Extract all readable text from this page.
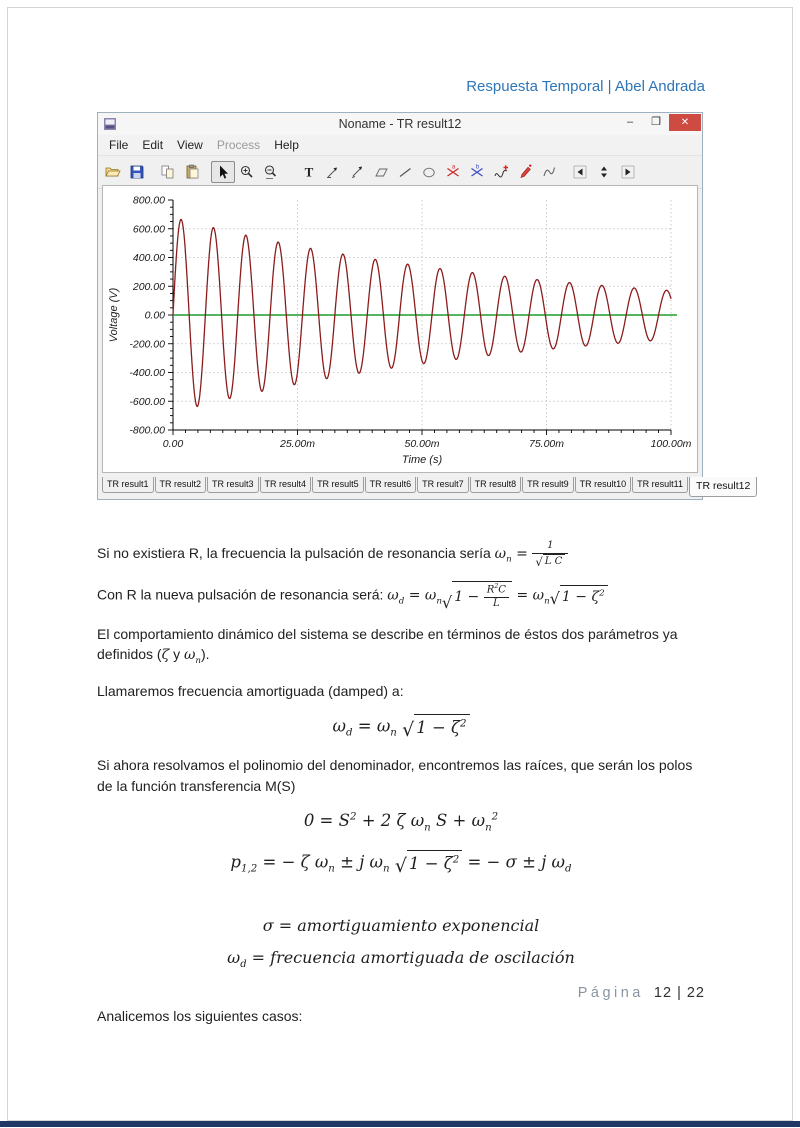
Respuesta Temporal | Abel Andrada
Noname - TR result12	–	❐	✕
File	Edit	View	Process	Help
T	a	b
800.00
600.00
400.00
200.00
0.00
-200.00
-400.00
-600.00
-800.00
0.00	25.00m	50.00m	75.00m	100.00m
Voltage (V)
Time (s)
TR result1	TR result2	TR result3	TR result4	TR result5	TR result6	TR result7	TR result8	TR result9	TR result10	TR result11	TR result12
Si no existiera R, la frecuencia la pulsación de resonancia sería $\omega_n = \frac{1}{\text{√ L C}}$
Con R la nueva pulsación de resonancia será: $\omega_d = \omega_n$ √ $1 - \frac{R^2C}{L} = \omega_n$ √ $1 - \zeta^2$
El comportamiento dinámico del sistema se describe en términos de éstos dos parámetros ya definidos (ζ y $\omega_n$).
Llamaremos frecuencia amortiguada (damped) a:
$\omega_d = \omega_n$ √ $1 - \zeta^2$
Si ahora resolvamos el polinomio del denominador, encontremos las raíces, que serán los polos de la función transferencia M(S)
$0 = S^2 + 2$ ζ $\omega_n$ $S + \omega_n^2$
$p_{1,2}$ = − ζ $\omega_n \pm j$ $\omega_n$ √ $1 - \zeta^2$ = − σ ± j $\omega_d$
σ = amortiguamiento exponencial
$\omega_d$ = frecuencia amortiguada de oscilación
Analicemos los siguientes casos:
Página 12 | 22
